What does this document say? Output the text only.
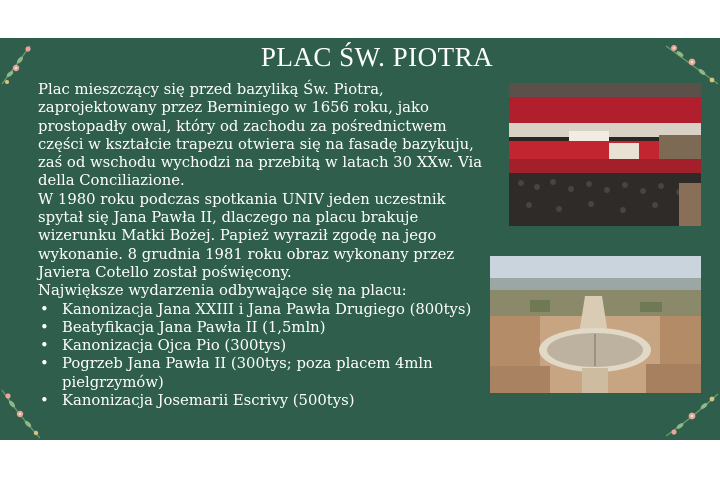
PLAC ŚW. PIOTRA

Plac mieszczący się przed bazyliką Św. Piotra, zaprojektowany przez Berniniego w 1656 roku, jako prostopadły owal, który od zachodu za pośrednictwem części w kształcie trapezu otwiera się na fasadę bazykuju, zaś od wschodu wychodzi na przebitą w latach 30 XXw. Via della Conciliazione.

W 1980 roku podczas spotkania UNIV jeden uczestnik spytał się Jana Pawła II, dlaczego na placu brakuje wizerunku Matki Bożej. Papież wyraził zgodę na jego wykonanie. 8 grudnia 1981 roku obraz wykonany przez Javiera Cotello został poświęcony.

Największe wydarzenia odbywające się na placu:

• Kanonizacja Jana XXIII i Jana Pawła Drugiego (800tys)
• Beatyfikacja Jana Pawła II (1,5mln)
• Kanonizacja Ojca Pio (300tys)
• Pogrzeb Jana Pawła II (300tys; poza placem 4mln pielgrzymów)
• Kanonizacja Josemarii Escrivy (500tys)
